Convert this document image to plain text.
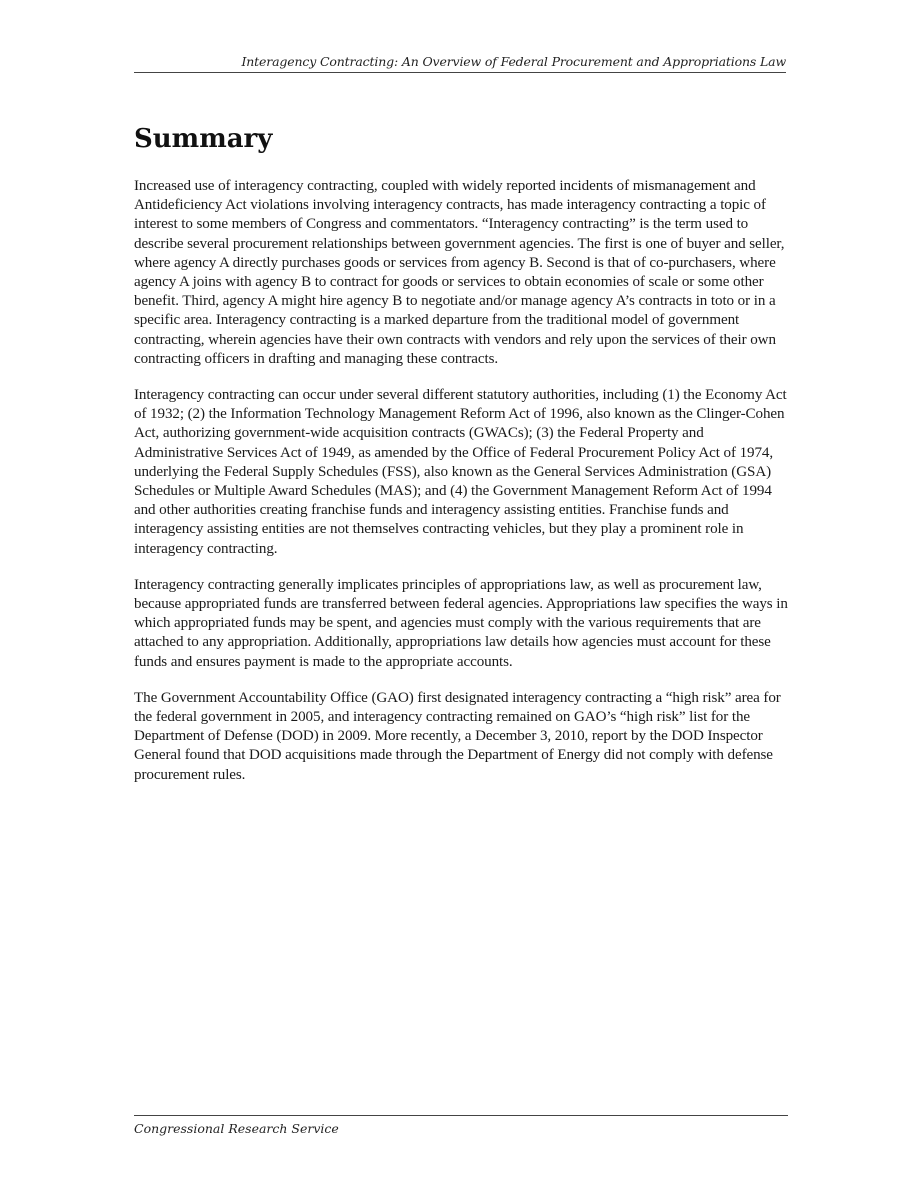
Interagency Contracting: An Overview of Federal Procurement and Appropriations Law
Summary

Increased use of interagency contracting, coupled with widely reported incidents of mismanagement and Antideficiency Act violations involving interagency contracts, has made interagency contracting a topic of interest to some members of Congress and commentators. “Interagency contracting” is the term used to describe several procurement relationships between government agencies. The first is one of buyer and seller, where agency A directly purchases goods or services from agency B. Second is that of co-purchasers, where agency A joins with agency B to contract for goods or services to obtain economies of scale or some other benefit. Third, agency A might hire agency B to negotiate and/or manage agency A’s contracts in toto or in a specific area. Interagency contracting is a marked departure from the traditional model of government contracting, wherein agencies have their own contracts with vendors and rely upon the services of their own contracting officers in drafting and managing these contracts.

Interagency contracting can occur under several different statutory authorities, including (1) the Economy Act of 1932; (2) the Information Technology Management Reform Act of 1996, also known as the Clinger-Cohen Act, authorizing government-wide acquisition contracts (GWACs); (3) the Federal Property and Administrative Services Act of 1949, as amended by the Office of Federal Procurement Policy Act of 1974, underlying the Federal Supply Schedules (FSS), also known as the General Services Administration (GSA) Schedules or Multiple Award Schedules (MAS); and (4) the Government Management Reform Act of 1994 and other authorities creating franchise funds and interagency assisting entities. Franchise funds and interagency assisting entities are not themselves contracting vehicles, but they play a prominent role in interagency contracting.

Interagency contracting generally implicates principles of appropriations law, as well as procurement law, because appropriated funds are transferred between federal agencies. Appropriations law specifies the ways in which appropriated funds may be spent, and agencies must comply with the various requirements that are attached to any appropriation. Additionally, appropriations law details how agencies must account for these funds and ensures payment is made to the appropriate accounts.

The Government Accountability Office (GAO) first designated interagency contracting a “high risk” area for the federal government in 2005, and interagency contracting remained on GAO’s “high risk” list for the Department of Defense (DOD) in 2009. More recently, a December 3, 2010, report by the DOD Inspector General found that DOD acquisitions made through the Department of Energy did not comply with defense procurement rules.

Congressional Research Service
